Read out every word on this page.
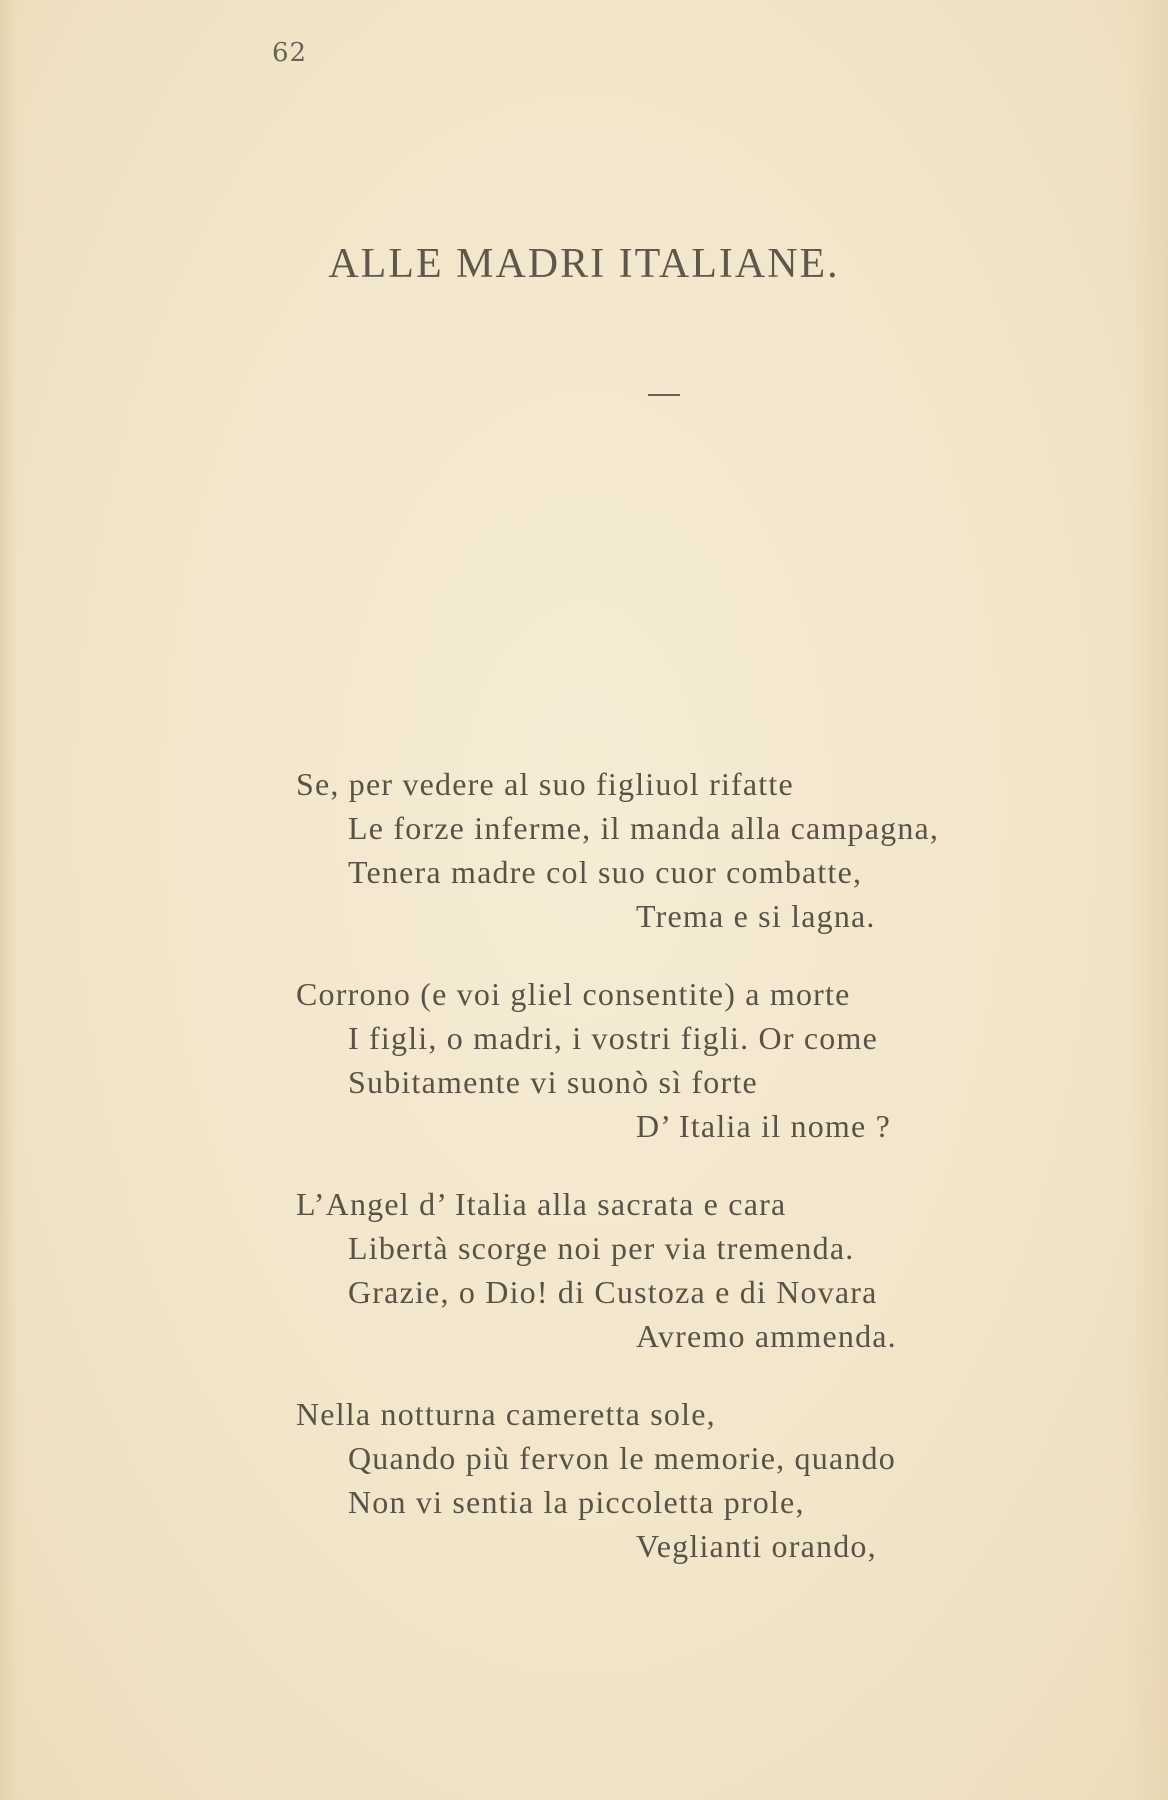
62
ALLE MADRI ITALIANE.
Se, per vedere al suo figliuol rifatte
Le forze inferme, il manda alla campagna,
Tenera madre col suo cuor combatte,
Trema e si lagna.
Corrono (e voi gliel consentite) a morte
I figli, o madri, i vostri figli. Or come
Subitamente vi suonò sì forte
D’ Italia il nome ?
L’Angel d’ Italia alla sacrata e cara
Libertà scorge noi per via tremenda.
Grazie, o Dio! di Custoza e di Novara
Avremo ammenda.
Nella notturna cameretta sole,
Quando più fervon le memorie, quando
Non vi sentia la piccoletta prole,
Veglianti orando,
